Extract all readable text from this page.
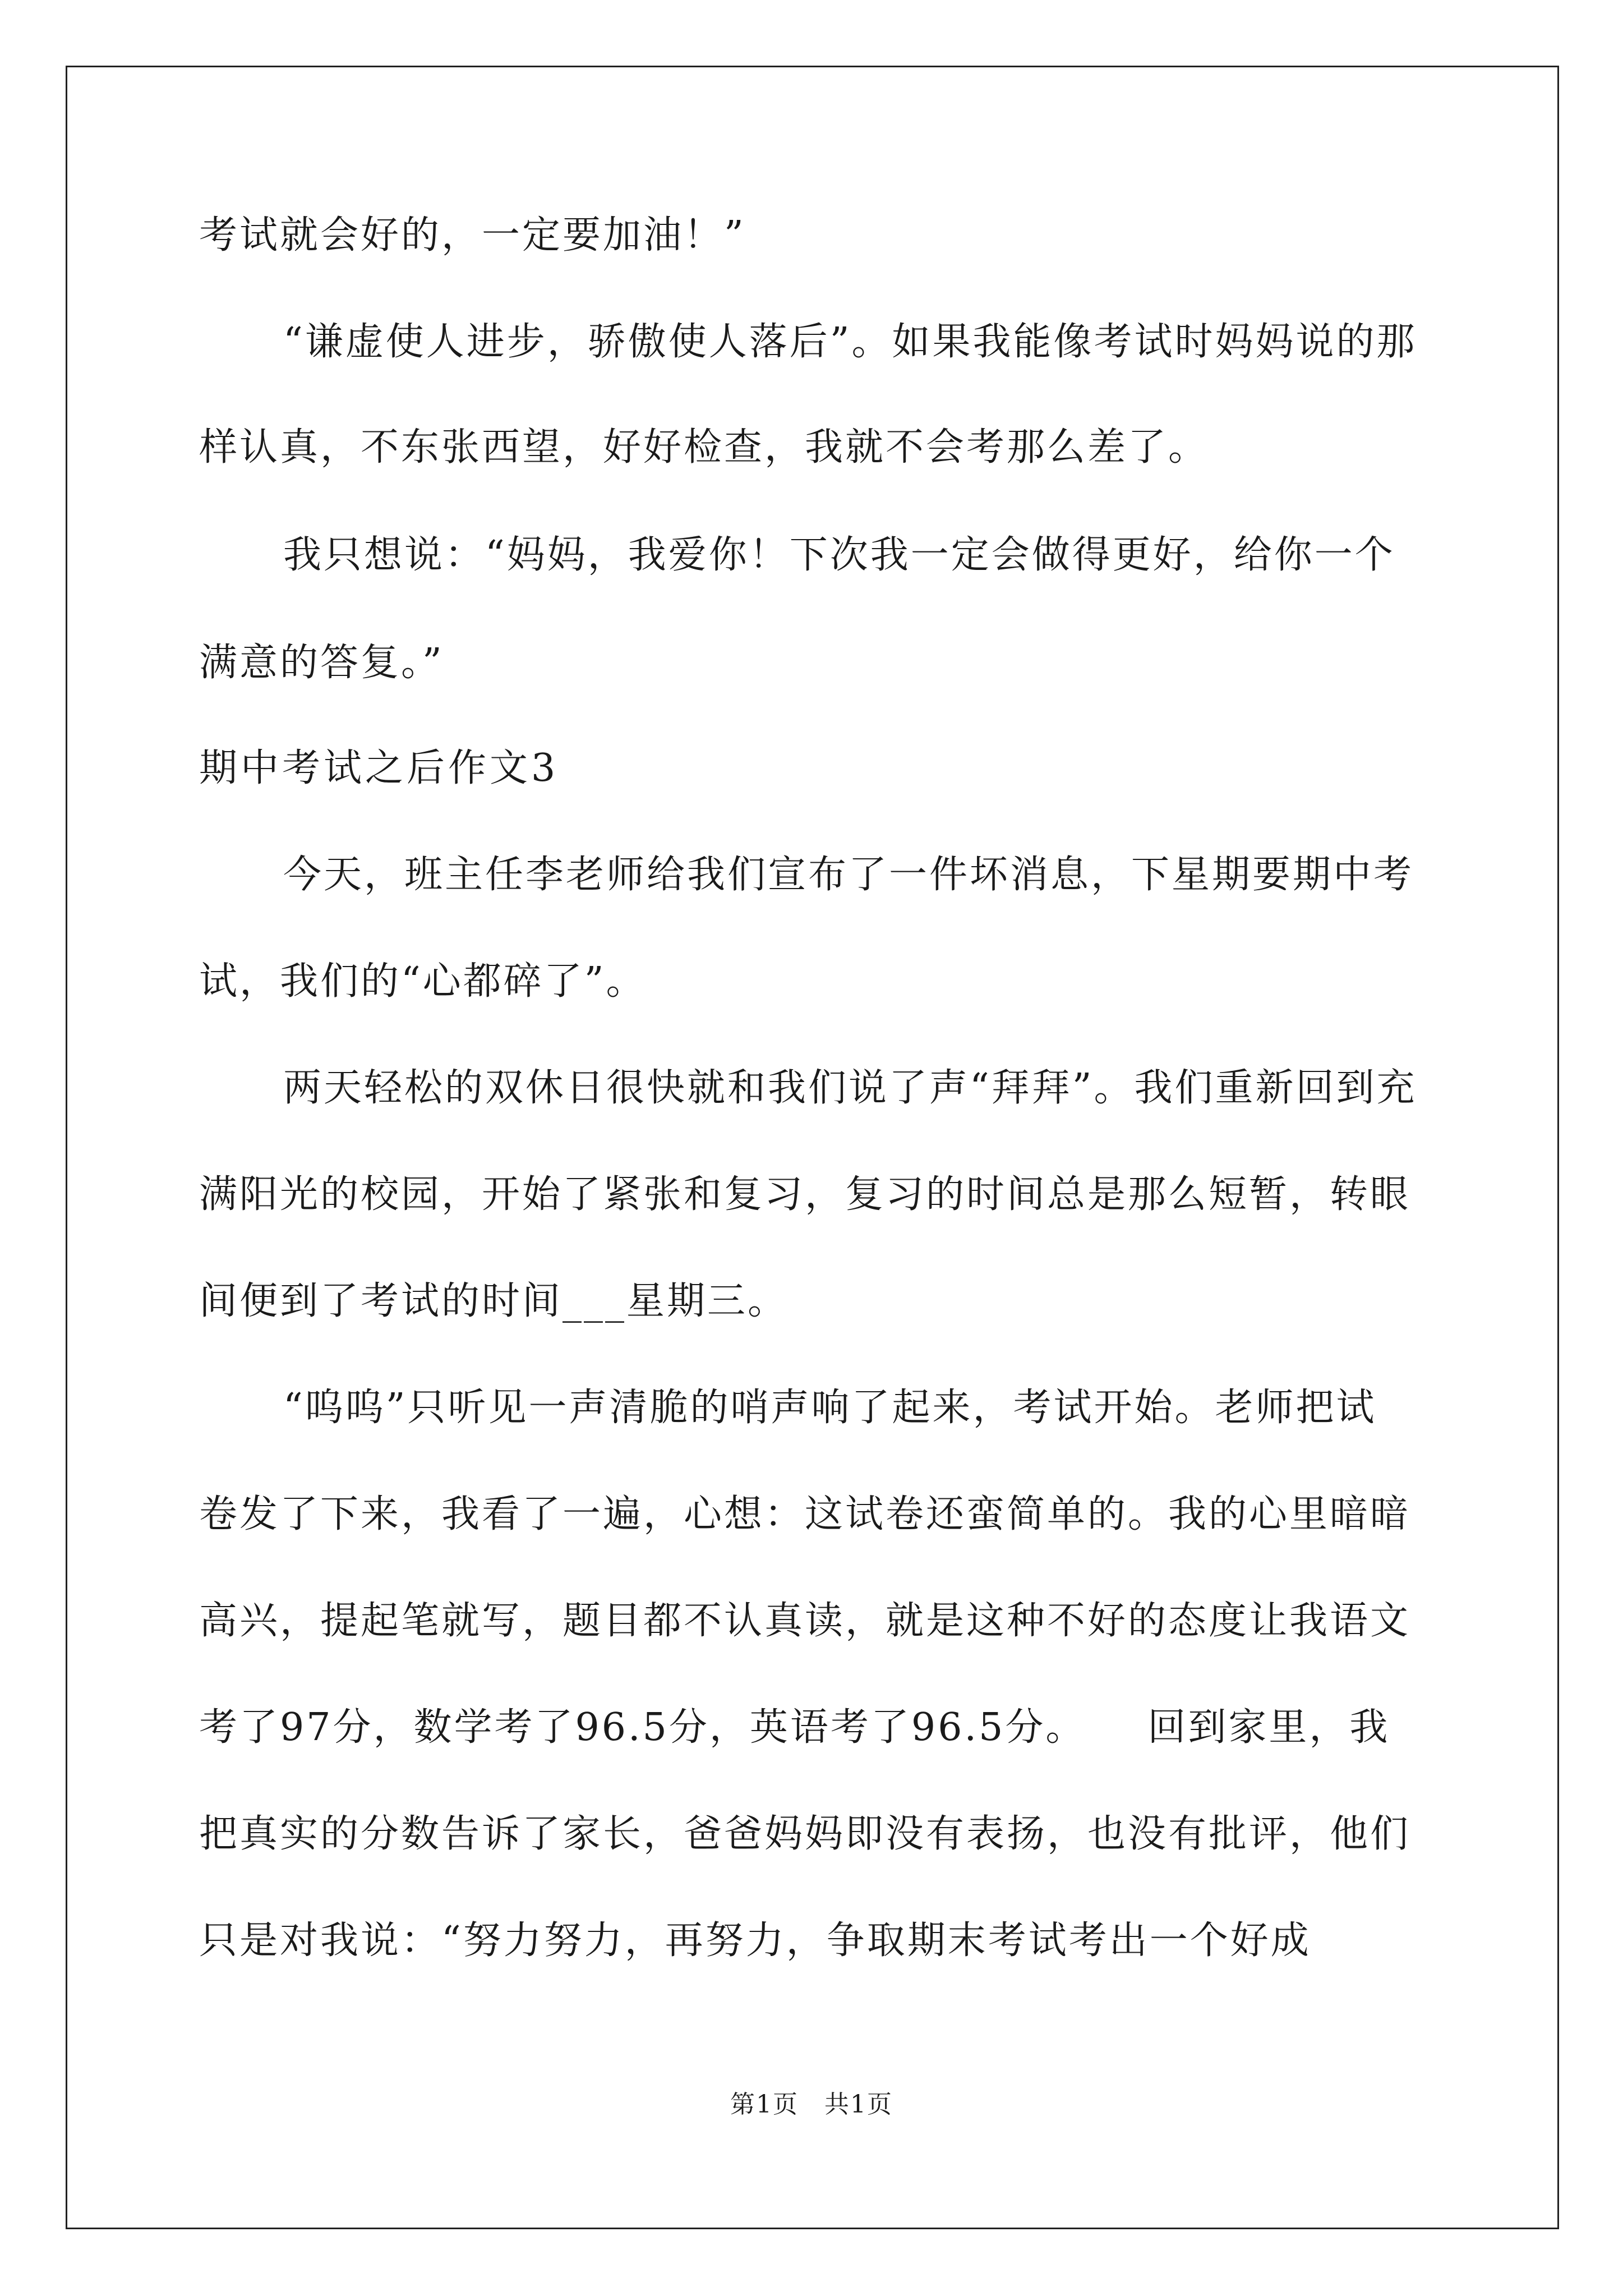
考试就会好的，一定要加油！”
“谦虚使人进步，骄傲使人落后”。如果我能像考试时妈妈说的那
样认真，不东张西望，好好检查，我就不会考那么差了。
我只想说：“妈妈，我爱你！下次我一定会做得更好，给你一个
满意的答复。”
期中考试之后作文3
今天，班主任李老师给我们宣布了一件坏消息，下星期要期中考
试，我们的“心都碎了”。
两天轻松的双休日很快就和我们说了声“拜拜”。我们重新回到充
满阳光的校园，开始了紧张和复习，复习的时间总是那么短暂，转眼
间便到了考试的时间___星期三。
“呜呜”只听见一声清脆的哨声响了起来，考试开始。老师把试
卷发了下来，我看了一遍，心想：这试卷还蛮简单的。我的心里暗暗
高兴，提起笔就写，题目都不认真读，就是这种不好的态度让我语文
考了97分，数学考了96.5分，英语考了96.5分。　　回到家里，我
把真实的分数告诉了家长，爸爸妈妈即没有表扬，也没有批评，他们
只是对我说：“努力努力，再努力，争取期末考试考出一个好成
第1页　共1页
